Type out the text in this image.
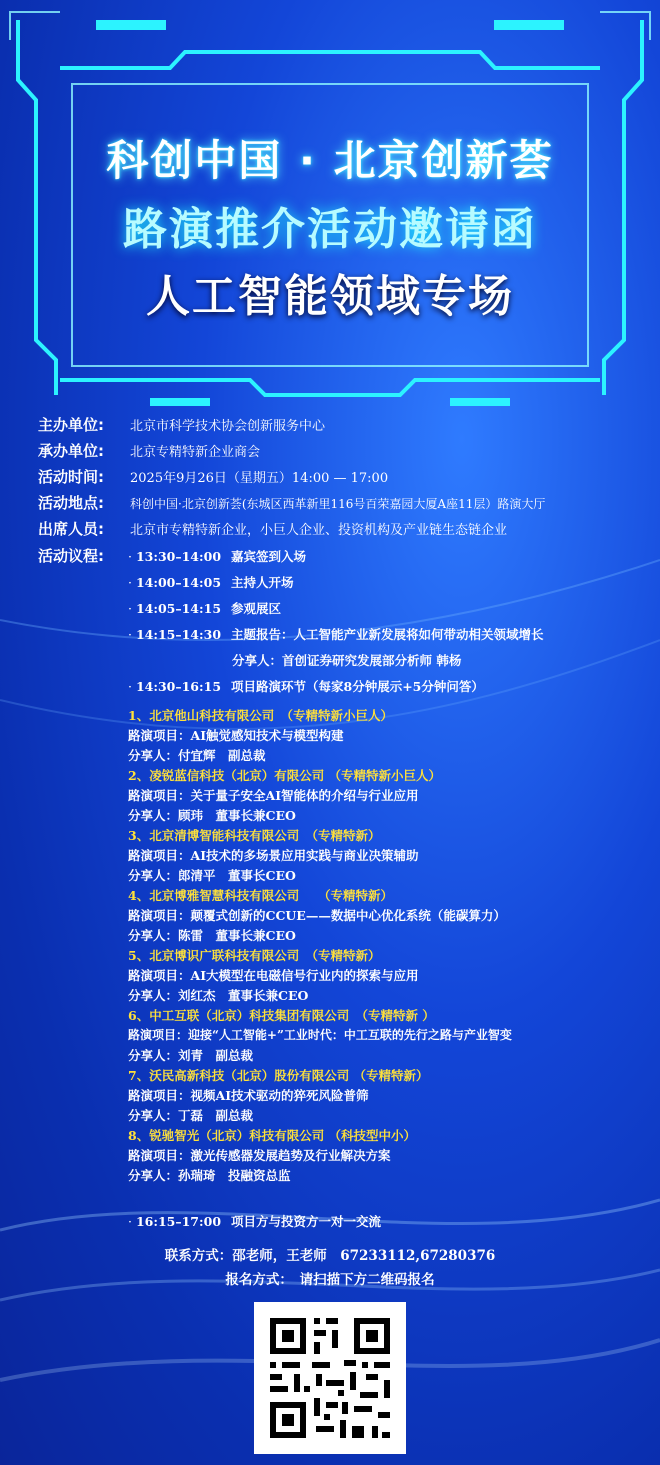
科创中国 · 北京创新荟
路演推介活动邀请函
人工智能领域专场
主办单位: 北京市科学技术协会创新服务中心
承办单位: 北京专精特新企业商会
活动时间: 2025年9月26日（星期五）14:00 — 17:00
活动地点: 科创中国·北京创新荟(东城区西革新里116号百荣嘉园大厦A座11层）路演大厅
出席人员: 北京市专精特新企业，小巨人企业、投资机构及产业链生态链企业
活动议程:	· 13:30–14:00 嘉宾签到入场
· 14:00–14:05 主持人开场
· 14:05–14:15 参观展区
· 14:15–14:30 主题报告：人工智能产业新发展将如何带动相关领域增长
分享人：首创证券研究发展部分析师 韩杨
· 14:30–16:15 项目路演环节（每家8分钟展示+5分钟问答）
1、北京他山科技有限公司　（专精特新小巨人）
路演项目：AI触觉感知技术与模型构建
分享人：付宜辉　副总裁
2、凌锐蓝信科技（北京）有限公司 （专精特新小巨人）
路演项目：关于量子安全AI智能体的介绍与行业应用
分享人：顾玮　董事长兼CEO
3、北京清博智能科技有限公司　（专精特新）
路演项目：AI技术的多场景应用实践与商业决策辅助
分享人：郎清平　董事长CEO
4、北京博雅智慧科技有限公司　　（专精特新）
路演项目：颠覆式创新的CCUE——数据中心优化系统（能碳算力）
分享人：陈雷　董事长兼CEO
5、北京博识广联科技有限公司　（专精特新）
路演项目：AI大模型在电磁信号行业内的探索与应用
分享人：刘红杰　董事长兼CEO
6、中工互联（北京）科技集团有限公司　（专精特新 ）
路演项目：迎接“人工智能+”工业时代：中工互联的先行之路与产业智变
分享人：刘青　副总裁
7、沃民高新科技（北京）股份有限公司 （专精特新）
路演项目：视频AI技术驱动的猝死风险普筛
分享人：丁磊　副总裁
8、锐驰智光（北京）科技有限公司 （科技型中小）
路演项目：激光传感器发展趋势及行业解决方案
分享人：孙瑞琦　投融资总监
· 16:15–17:00 项目方与投资方一对一交流
联系方式：邵老师，王老师　67233112,67280376
报名方式：　请扫描下方二维码报名
